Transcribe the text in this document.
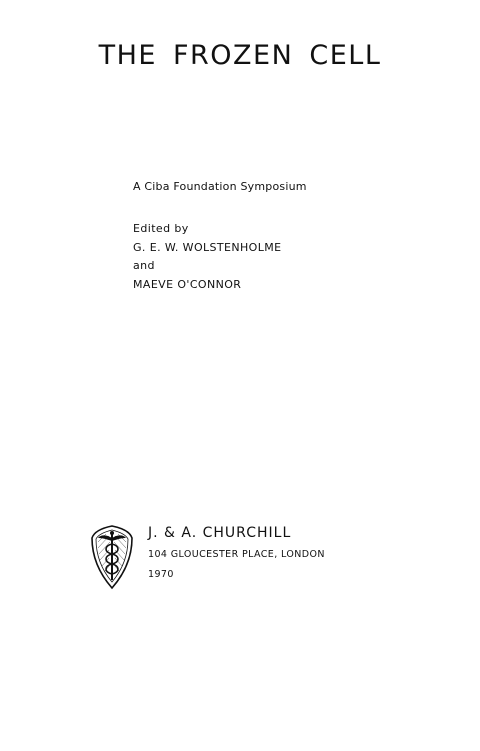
THE FROZEN CELL
A Ciba Foundation Symposium
Edited by
G. E. W. WOLSTENHOLME
and
MAEVE O'CONNOR
J. & A. CHURCHILL
104 GLOUCESTER PLACE, LONDON
1970
